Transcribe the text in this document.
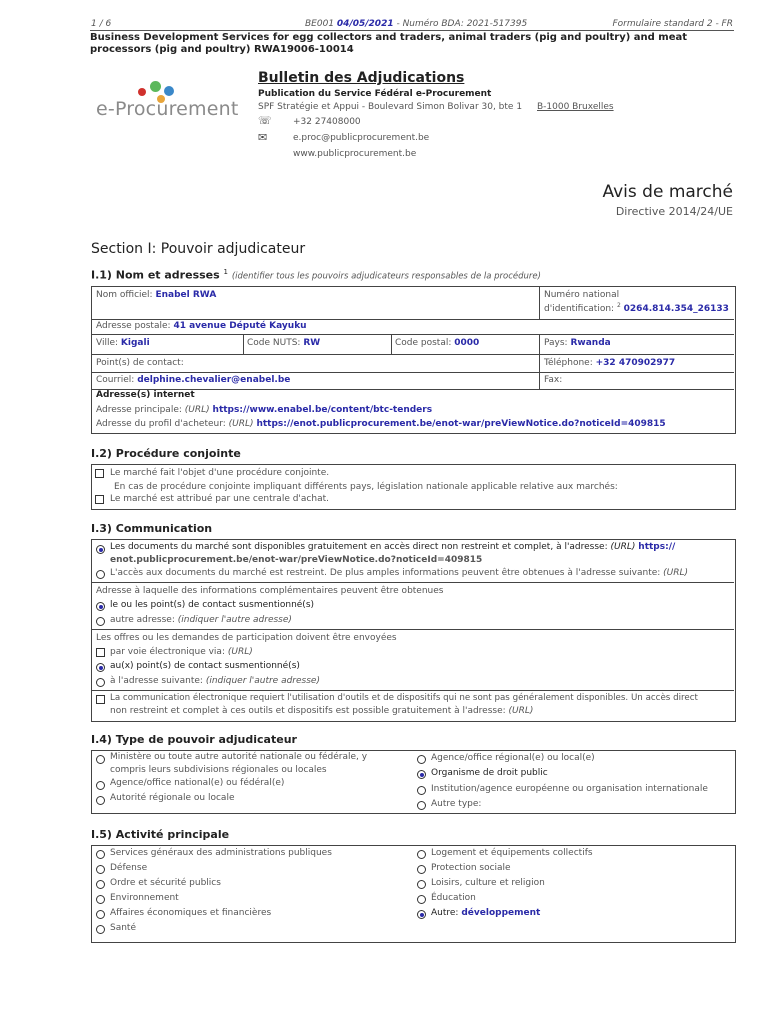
1 / 6	BE001 04/05/2021 - Numéro BDA: 2021-517395	Formulaire standard 2 - FR
Business Development Services for egg collectors and traders, animal traders (pig and poultry) and meat processors (pig and poultry) RWA19006-10014
e-Procurement
Bulletin des Adjudications
Publication du Service Fédéral e-Procurement
SPF Stratégie et Appui - Boulevard Simon Bolivar 30, bte 1 B-1000 Bruxelles
☏ +32 27408000
✉	e.proc@publicprocurement.be
www.publicprocurement.be
Avis de marché
Directive 2014/24/UE
Section I: Pouvoir adjudicateur
I.1) Nom et adresses $^1$ (identifier tous les pouvoirs adjudicateurs responsables de la procédure)
Nom officiel: Enabel RWA	Numéro national
d'identification: $^2$ 0264.814.354_26133
Adresse postale: 41 avenue Député Kayuku
Ville: Kigali	Code NUTS: RW	Code postal: 0000	Pays: Rwanda
Point(s) de contact:	Téléphone: +32 470902977
Courriel: delphine.chevalier@enabel.be	Fax:
Adresse(s) internet
Adresse principale: (URL) https://www.enabel.be/content/btc-tenders
Adresse du profil d'acheteur: (URL) https://enot.publicprocurement.be/enot-war/preViewNotice.do?noticeId=409815
I.2) Procédure conjointe
Le marché fait l'objet d'une procédure conjointe.
En cas de procédure conjointe impliquant différents pays, législation nationale applicable relative aux marchés:
Le marché est attribué par une centrale d'achat.
I.3) Communication
Les documents du marché sont disponibles gratuitement en accès direct non restreint et complet, à l'adresse: (URL) https://
enot.publicprocurement.be/enot-war/preViewNotice.do?noticeId=409815
L'accès aux documents du marché est restreint. De plus amples informations peuvent être obtenues à l'adresse suivante: (URL)
Adresse à laquelle des informations complémentaires peuvent être obtenues
le ou les point(s) de contact susmentionné(s)
autre adresse: (indiquer l'autre adresse)
Les offres ou les demandes de participation doivent être envoyées
par voie électronique via: (URL)
au(x) point(s) de contact susmentionné(s)
à l'adresse suivante: (indiquer l'autre adresse)
La communication électronique requiert l'utilisation d'outils et de dispositifs qui ne sont pas généralement disponibles. Un accès direct
non restreint et complet à ces outils et dispositifs est possible gratuitement à l'adresse: (URL)
I.4) Type de pouvoir adjudicateur
Ministère ou toute autre autorité nationale ou fédérale, y
compris leurs subdivisions régionales ou locales
Agence/office national(e) ou fédéral(e)
Autorité régionale ou locale
Agence/office régional(e) ou local(e)
Organisme de droit public
Institution/agence européenne ou organisation internationale
Autre type:
I.5) Activité principale
Services généraux des administrations publiques
Défense
Ordre et sécurité publics
Environnement
Affaires économiques et financières
Santé
Logement et équipements collectifs
Protection sociale
Loisirs, culture et religion
Éducation
Autre: développement
